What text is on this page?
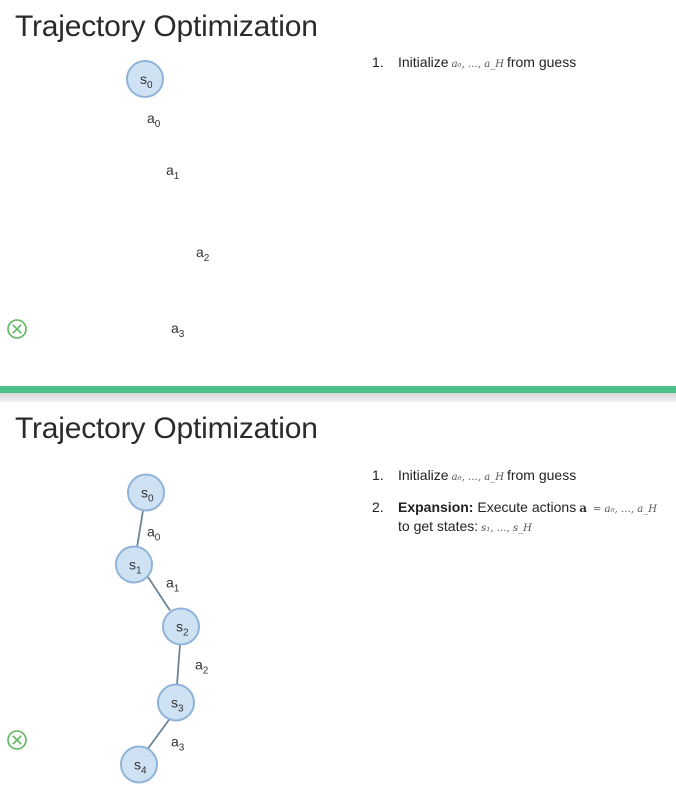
Trajectory Optimization
$s_0$
$a_0$
$a_1$
$a_2$
$a_3$
1. Initialize a₀, …, a_H from guess
Trajectory Optimization
$s_0$
$s_1$
$s_2$
$s_3$
$s_4$
$a_0$
$a_1$
$a_2$
$a_3$
1. Initialize a₀, …, a_H from guess
2. Expansion: Execute actions a = a₀, …, a_H
to get states: s₁, …, s_H
